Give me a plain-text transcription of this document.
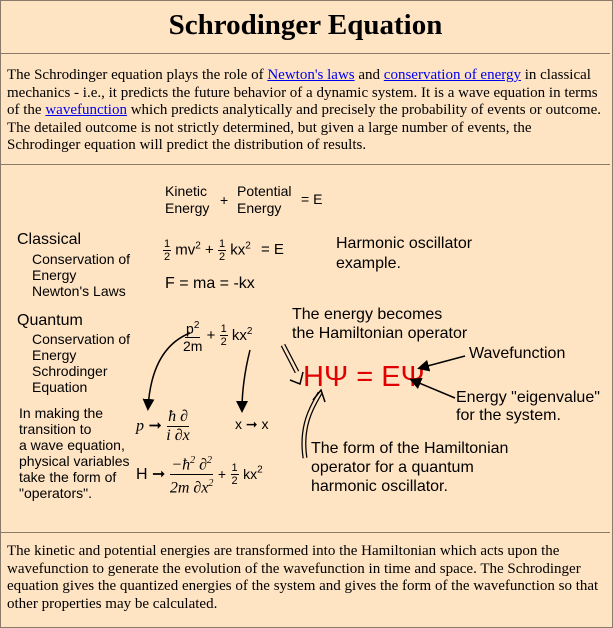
Schrodinger Equation
The Schrodinger equation plays the role of Newton's laws and conservation of energy in classical mechanics - i.e., it predicts the future behavior of a dynamic system. It is a wave equation in terms of the wavefunction which predicts analytically and precisely the probability of events or outcome. The detailed outcome is not strictly determined, but given a large number of events, the Schrodinger equation will predict the distribution of results.
Kinetic
Energy +
Potential
Energy
= E
Classical
Conservation of
Energy
Newton's Laws
$\frac{1}{2} mv^2 + \frac{1}{2} kx^2 = E$	Harmonic oscillator
example.
F = ma = -kx
Quantum
Conservation of
Energy
Schrodinger
Equation
$\frac{p^2}{2m} + \frac{1}{2} kx^2$
The energy becomes
the Hamiltonian operator
HΨ = EΨ
Wavefunction
Energy "eigenvalue"
for the system.
In making the
transition to
a wave equation,
physical variables
take the form of
"operators".
p ➞ $\frac{ħ \partial}{i \partial x}$	x ➞ x
H ➞ $\frac{-ħ^2 \partial^2}{2m \partial x^2} + \frac{1}{2} kx^2$
The form of the Hamiltonian
operator for a quantum
harmonic oscillator.
The kinetic and potential energies are transformed into the Hamiltonian which acts upon the wavefunction to generate the evolution of the wavefunction in time and space. The Schrodinger equation gives the quantized energies of the system and gives the form of the wavefunction so that other properties may be calculated.
